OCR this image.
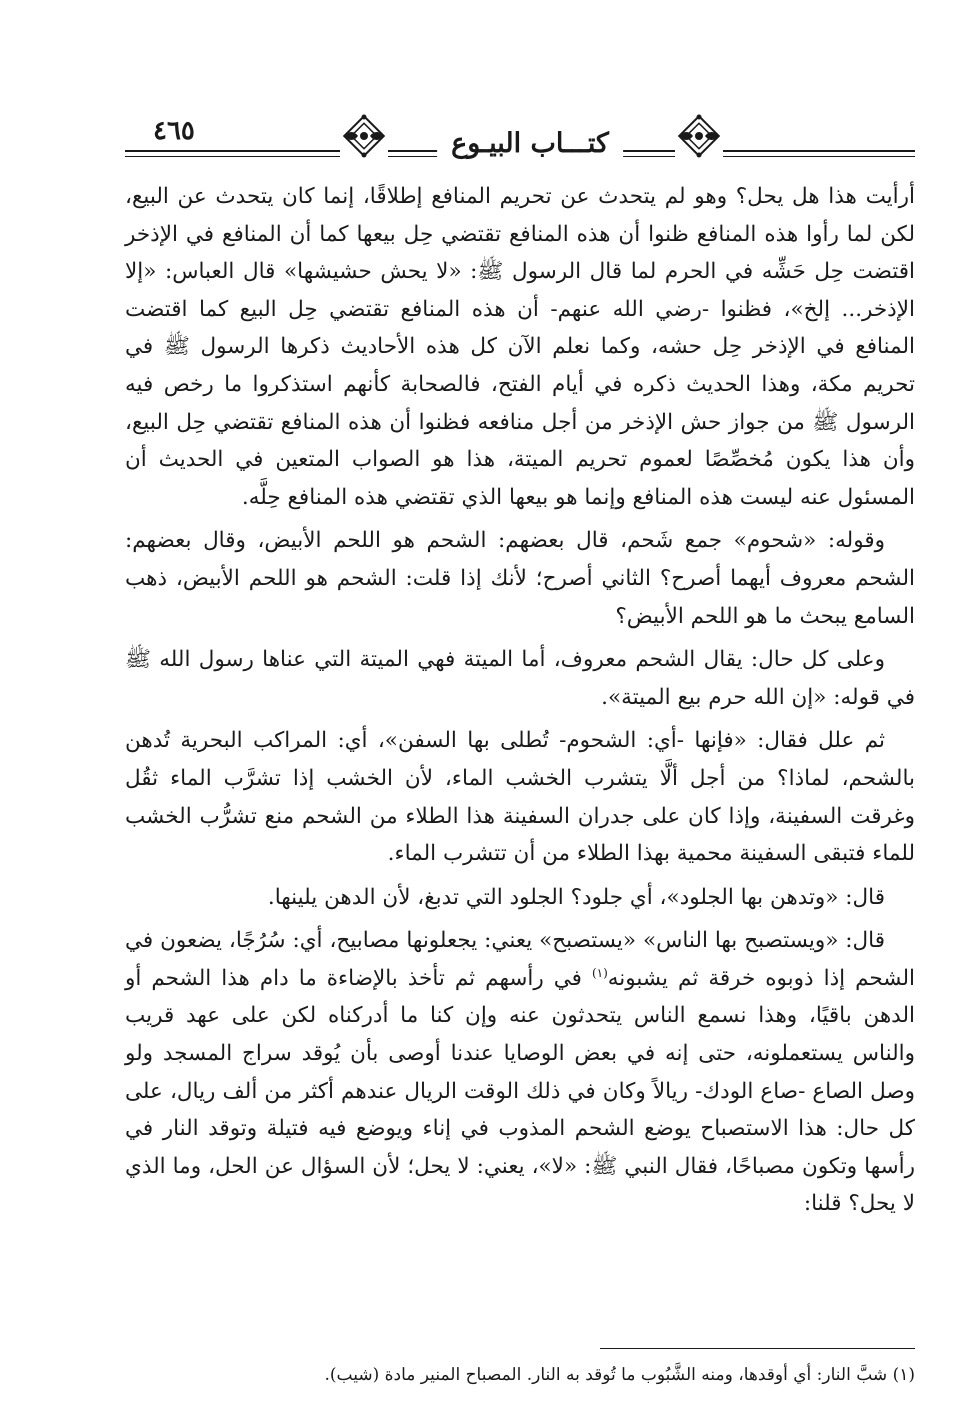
٤٦٥	كتـــاب البيـوع

أرأيت هذا هل يحل؟ وهو لم يتحدث عن تحريم المنافع إطلاقًا، إنما كان يتحدث عن البيع، لكن لما رأوا هذه المنافع ظنوا أن هذه المنافع تقتضي حِل بيعها كما أن المنافع في الإذخر اقتضت حِل حَشِّه في الحرم لما قال الرسول ﷺ: «لا يحش حشيشها» قال العباس: «إلا الإذخر... إلخ»، فظنوا -رضي الله عنهم- أن هذه المنافع تقتضي حِل البيع كما اقتضت المنافع في الإذخر حِل حشه، وكما نعلم الآن كل هذه الأحاديث ذكرها الرسول ﷺ في تحريم مكة، وهذا الحديث ذكره في أيام الفتح، فالصحابة كأنهم استذكروا ما رخص فيه الرسول ﷺ من جواز حش الإذخر من أجل منافعه فظنوا أن هذه المنافع تقتضي حِل البيع، وأن هذا يكون مُخصِّصًا لعموم تحريم الميتة، هذا هو الصواب المتعين في الحديث أن المسئول عنه ليست هذه المنافع وإنما هو بيعها الذي تقتضي هذه المنافع حِلَّه.

وقوله: «شحوم» جمع شَحم، قال بعضهم: الشحم هو اللحم الأبيض، وقال بعضهم: الشحم معروف أيهما أصرح؟ الثاني أصرح؛ لأنك إذا قلت: الشحم هو اللحم الأبيض، ذهب السامع يبحث ما هو اللحم الأبيض؟

وعلى كل حال: يقال الشحم معروف، أما الميتة فهي الميتة التي عناها رسول الله ﷺ في قوله: «إن الله حرم بيع الميتة».

ثم علل فقال: «فإنها -أي: الشحوم- تُطلى بها السفن»، أي: المراكب البحرية تُدهن بالشحم، لماذا؟ من أجل ألَّا يتشرب الخشب الماء، لأن الخشب إذا تشرَّب الماء ثقُل وغرقت السفينة، وإذا كان على جدران السفينة هذا الطلاء من الشحم منع تشرُّب الخشب للماء فتبقى السفينة محمية بهذا الطلاء من أن تتشرب الماء.

قال: «وتدهن بها الجلود»، أي جلود؟ الجلود التي تدبغ، لأن الدهن يلينها.

قال: «ويستصبح بها الناس» «يستصبح» يعني: يجعلونها مصابيح، أي: سُرُجًا، يضعون في الشحم إذا ذوبوه خرقة ثم يشبونه$^{(١)}$ في رأسهم ثم تأخذ بالإضاءة ما دام هذا الشحم أو الدهن باقيًا، وهذا نسمع الناس يتحدثون عنه وإن كنا ما أدركناه لكن على عهد قريب والناس يستعملونه، حتى إنه في بعض الوصايا عندنا أوصى بأن يُوقد سراج المسجد ولو وصل الصاع -صاع الودك- ريالاً وكان في ذلك الوقت الريال عندهم أكثر من ألف ريال، على كل حال: هذا الاستصباح يوضع الشحم المذوب في إناء ويوضع فيه فتيلة وتوقد النار في رأسها وتكون مصباحًا، فقال النبي ﷺ: «لا»، يعني: لا يحل؛ لأن السؤال عن الحل، وما الذي لا يحل؟ قلنا:

(١) شبَّ النار: أي أوقدها، ومنه الشَّبُوب ما تُوقد به النار. المصباح المنير مادة (شيب).
